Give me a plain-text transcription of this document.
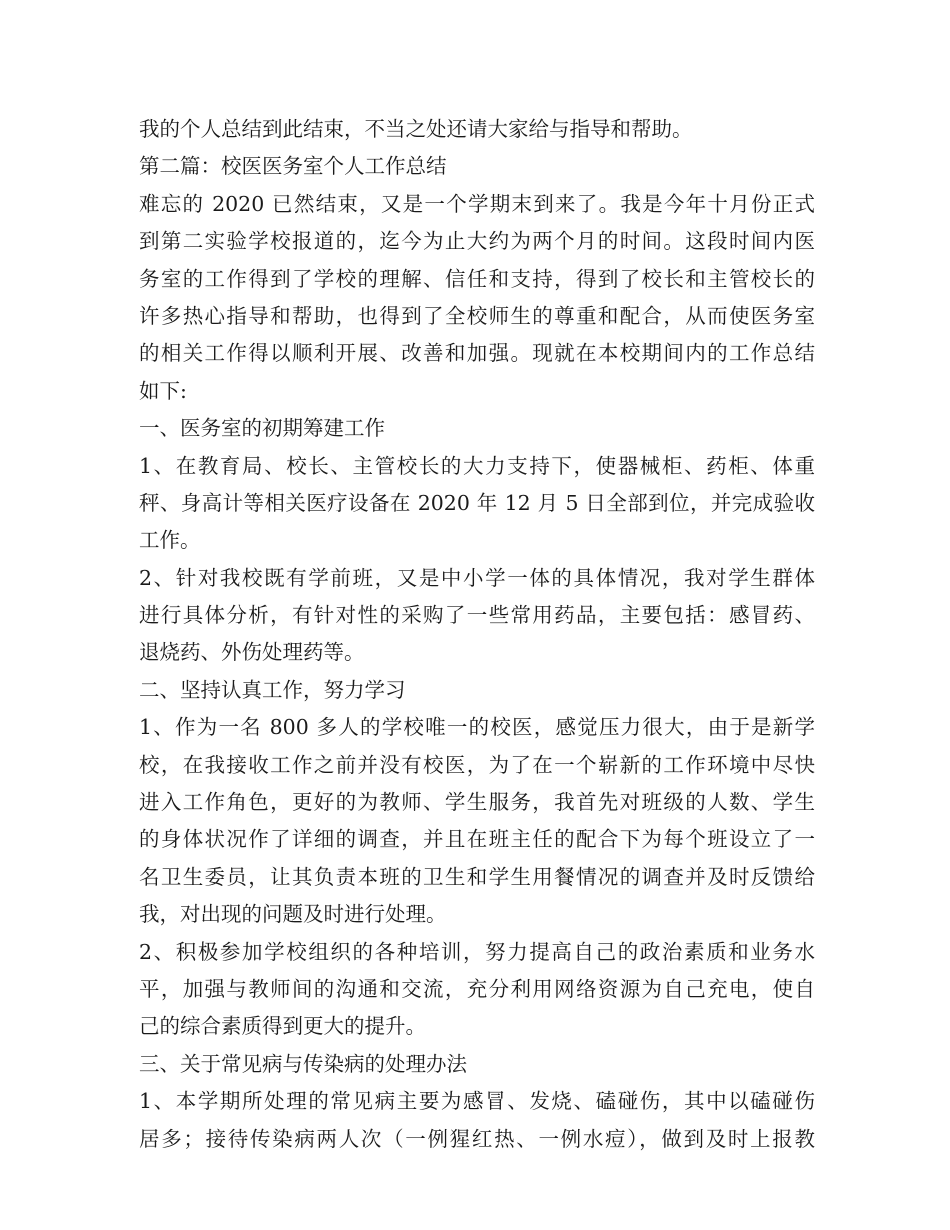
我的个人总结到此结束，不当之处还请大家给与指导和帮助。
第二篇：校医医务室个人工作总结
难忘的 2020 已然结束，又是一个学期末到来了。我是今年十月份正式
到第二实验学校报道的，迄今为止大约为两个月的时间。这段时间内医
务室的工作得到了学校的理解、信任和支持，得到了校长和主管校长的
许多热心指导和帮助，也得到了全校师生的尊重和配合，从而使医务室
的相关工作得以顺利开展、改善和加强。现就在本校期间内的工作总结
如下:
一、医务室的初期筹建工作
1、在教育局、校长、主管校长的大力支持下，使器械柜、药柜、体重
秤、身高计等相关医疗设备在 2020 年 12 月 5 日全部到位，并完成验收
工作。
2、针对我校既有学前班，又是中小学一体的具体情况，我对学生群体
进行具体分析，有针对性的采购了一些常用药品，主要包括：感冒药、
退烧药、外伤处理药等。
二、坚持认真工作，努力学习
1、作为一名 800 多人的学校唯一的校医，感觉压力很大，由于是新学
校，在我接收工作之前并没有校医，为了在一个崭新的工作环境中尽快
进入工作角色，更好的为教师、学生服务，我首先对班级的人数、学生
的身体状况作了详细的调查，并且在班主任的配合下为每个班设立了一
名卫生委员，让其负责本班的卫生和学生用餐情况的调查并及时反馈给
我，对出现的问题及时进行处理。
2、积极参加学校组织的各种培训，努力提高自己的政治素质和业务水
平，加强与教师间的沟通和交流，充分利用网络资源为自己充电，使自
己的综合素质得到更大的提升。
三、关于常见病与传染病的处理办法
1、本学期所处理的常见病主要为感冒、发烧、磕碰伤，其中以磕碰伤
居多；接待传染病两人次（一例猩红热、一例水痘），做到及时上报教
